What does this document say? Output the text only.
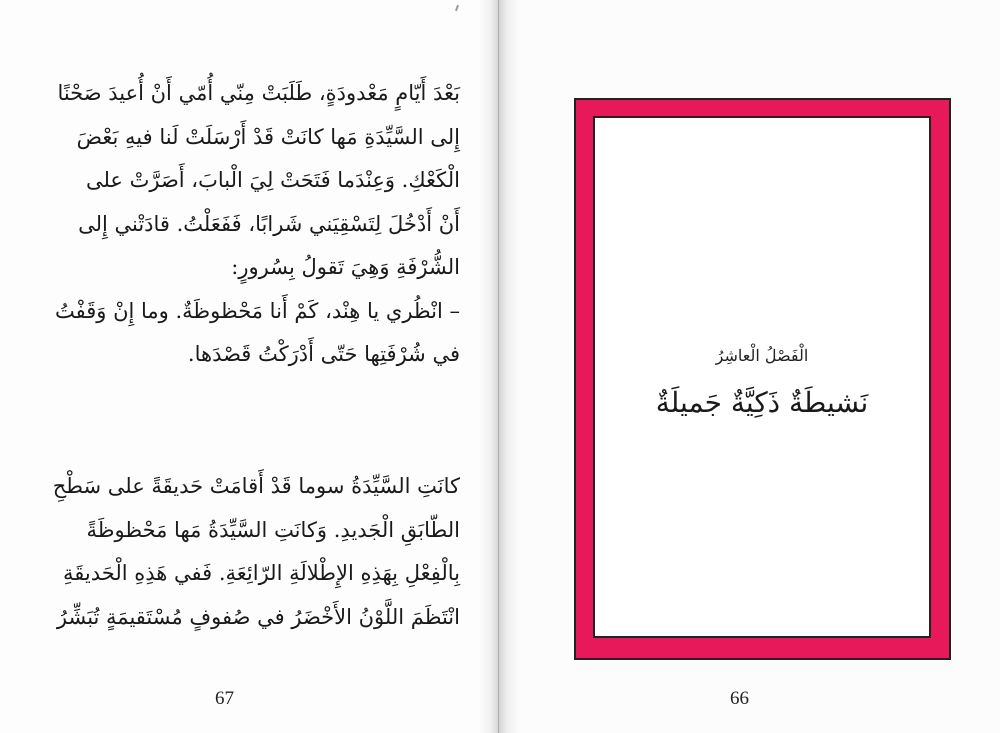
بَعْدَ أَيّامٍ مَعْدودَةٍ، طَلَبَتْ مِنّي أُمّي أَنْ أُعيدَ صَحْنًا

إِلى السَّيِّدَةِ مَها كانَتْ قَدْ أَرْسَلَتْ لَنا فيهِ بَعْضَ

الْكَعْكِ. وَعِنْدَما فَتَحَتْ لِيَ الْبابَ، أَصَرَّتْ على

أَنْ أَدْخُلَ لِتَسْقِيَني شَرابًا، فَفَعَلْتُ. قادَتْني إِلى

الشُّرْفَةِ وَهِيَ تَقولُ بِسُرورٍ:

– انْظُري يا هِنْد، كَمْ أَنا مَحْظوظَةٌ. وما إِنْ وَقَفْتُ

في شُرْفَتِها حَتّى أَدْرَكْتُ قَصْدَها.

كانَتِ السَّيِّدَةُ سوما قَدْ أَقامَتْ حَديقَةً على سَطْحِ

الطّابَقِ الْجَديدِ. وَكانَتِ السَّيِّدَةُ مَها مَحْظوظَةً

بِالْفِعْلِ بِهَذِهِ الإِطْلالَةِ الرّائِعَةِ. فَفي هَذِهِ الْحَديقَةِ

انْتَظَمَ اللَّوْنُ الأَخْضَرُ في صُفوفٍ مُسْتَقيمَةٍ تُبَشِّرُ

67

الْفَصْلُ الْعاشِرُ

نَشيطَةٌ ذَكِيَّةٌ جَميلَةٌ

66
